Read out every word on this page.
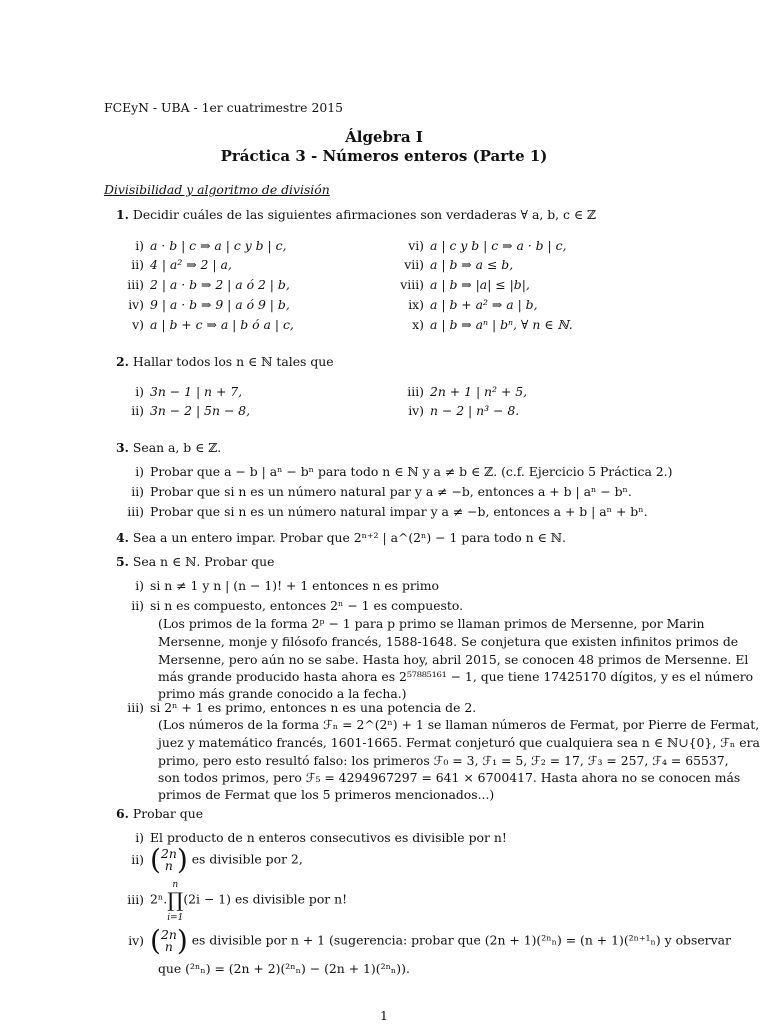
FCEyN - UBA - 1er cuatrimestre 2015
Álgebra I
Práctica 3 - Números enteros (Parte 1)
Divisibilidad y algoritmo de división
1. Decidir cuáles de las siguientes afirmaciones son verdaderas ∀ a, b, c ∈ ℤ
i) a · b | c ⇒ a | c y b | c,
ii) 4 | a² ⇒ 2 | a,
iii) 2 | a · b ⇒ 2 | a ó 2 | b,
iv) 9 | a · b ⇒ 9 | a ó 9 | b,
v) a | b + c ⇒ a | b ó a | c,
vi) a | c y b | c ⇒ a · b | c,
vii) a | b ⇒ a ≤ b,
viii) a | b ⇒ |a| ≤ |b|,
ix) a | b + a² ⇒ a | b,
x) a | b ⇒ aⁿ | bⁿ, ∀ n ∈ ℕ.
2. Hallar todos los n ∈ ℕ tales que
i) 3n − 1 | n + 7,
ii) 3n − 2 | 5n − 8,
iii) 2n + 1 | n² + 5,
iv) n − 2 | n³ − 8.
3. Sean a, b ∈ ℤ.
i) Probar que a − b | aⁿ − bⁿ para todo n ∈ ℕ y a ≠ b ∈ ℤ. (c.f. Ejercicio 5 Práctica 2.)
ii) Probar que si n es un número natural par y a ≠ −b, entonces a + b | aⁿ − bⁿ.
iii) Probar que si n es un número natural impar y a ≠ −b, entonces a + b | aⁿ + bⁿ.
4. Sea a un entero impar. Probar que 2ⁿ⁺² | a^(2ⁿ) − 1 para todo n ∈ ℕ.
5. Sea n ∈ ℕ. Probar que
i) si n ≠ 1 y n | (n − 1)! + 1 entonces n es primo
ii) si n es compuesto, entonces 2ⁿ − 1 es compuesto.
(Los primos de la forma 2ᵖ − 1 para p primo se llaman primos de Mersenne, por Marin
Mersenne, monje y filósofo francés, 1588-1648. Se conjetura que existen infinitos primos de
Mersenne, pero aún no se sabe. Hasta hoy, abril 2015, se conocen 48 primos de Mersenne. El
más grande producido hasta ahora es 2⁵⁷⁸⁸⁵¹⁶¹ − 1, que tiene 17425170 dígitos, y es el número
primo más grande conocido a la fecha.)
iii) si 2ⁿ + 1 es primo, entonces n es una potencia de 2.
(Los números de la forma ℱₙ = 2^(2ⁿ) + 1 se llaman números de Fermat, por Pierre de Fermat,
juez y matemático francés, 1601-1665. Fermat conjeturó que cualquiera sea n ∈ ℕ∪{0}, ℱₙ era
primo, pero esto resultó falso: los primeros ℱ₀ = 3, ℱ₁ = 5, ℱ₂ = 17, ℱ₃ = 257, ℱ₄ = 65537,
son todos primos, pero ℱ₅ = 4294967297 = 641 × 6700417. Hasta ahora no se conocen más
primos de Fermat que los 5 primeros mencionados...)
6. Probar que
i) El producto de n enteros consecutivos es divisible por n!
ii) (2n
n ) es divisible por 2,
iii) 2ⁿ.n
∏
i=1(2i − 1) es divisible por n!
iv) (2n
n ) es divisible por n + 1 (sugerencia: probar que (2n + 1)(²ⁿₙ) = (n + 1)(²ⁿ⁺¹ₙ) y observar
que (²ⁿₙ) = (2n + 2)(²ⁿₙ) − (2n + 1)(²ⁿₙ)).
1
